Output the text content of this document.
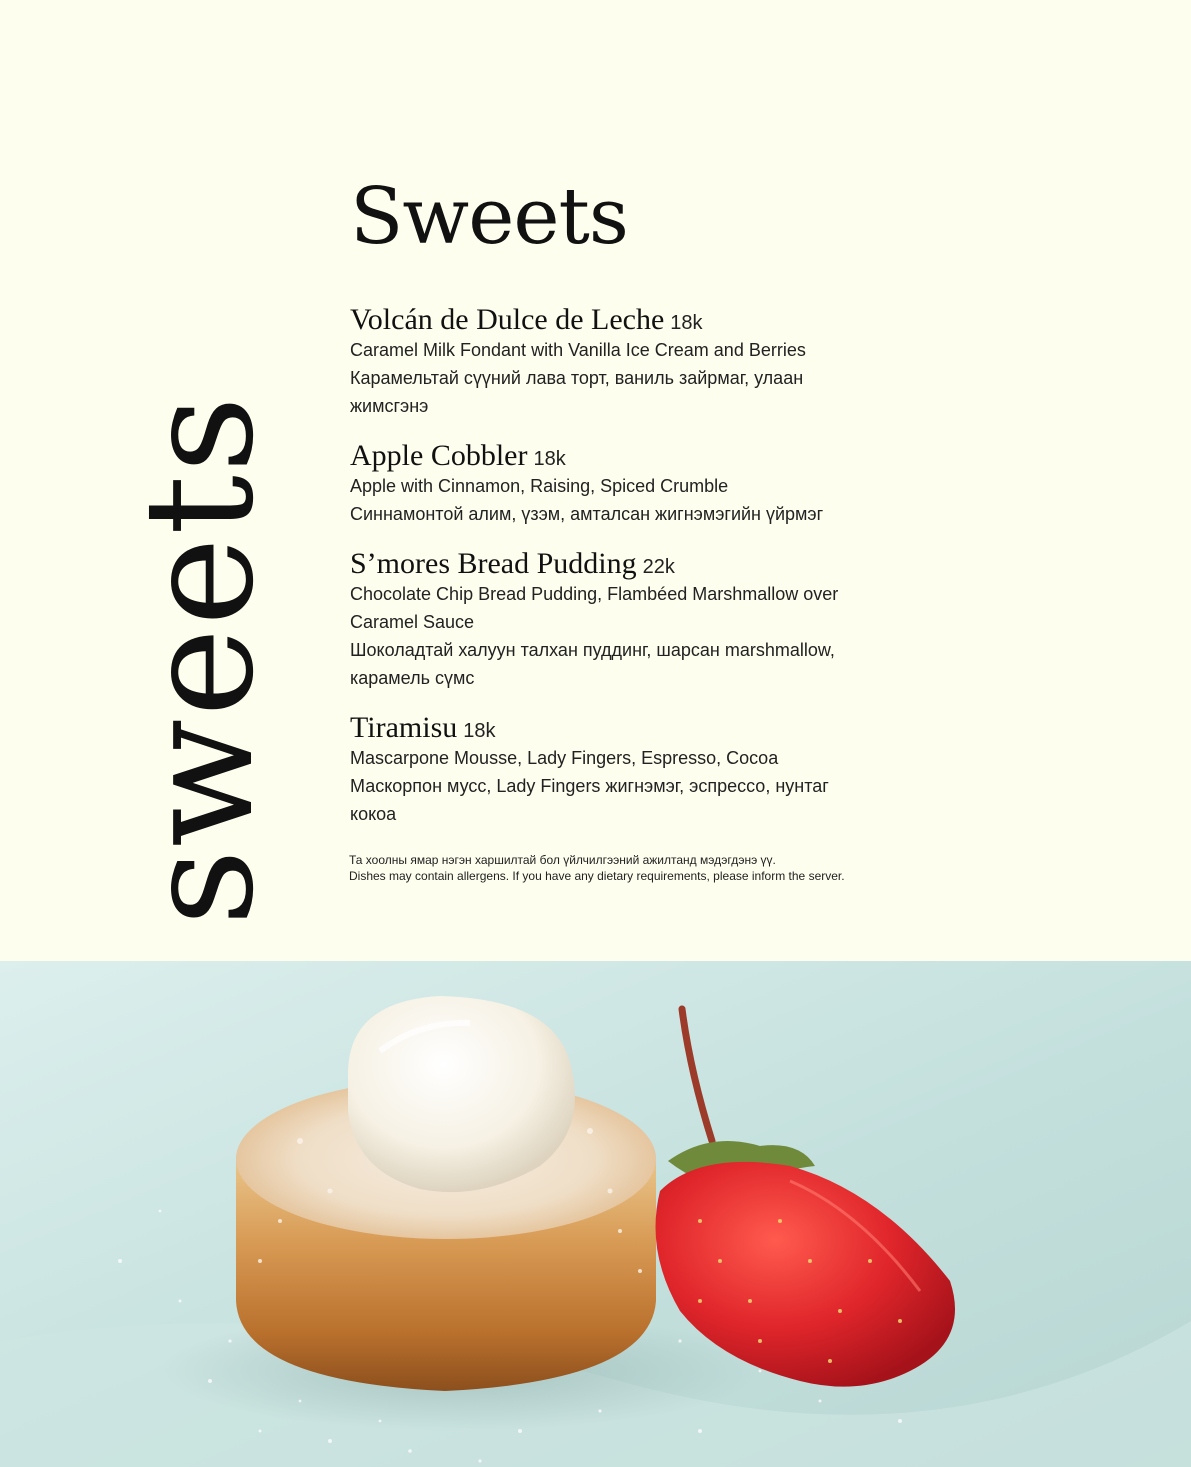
sweets
Sweets
Volcán de Dulce de Leche 18k
Caramel Milk Fondant with Vanilla Ice Cream and Berries
Карамельтай сүүний лава торт, ваниль зайрмаг, улаан
жимсгэнэ
Apple Cobbler 18k
Apple with Cinnamon, Raising, Spiced Crumble
Синнамонтой алим, үзэм, амталсан жигнэмэгийн үйрмэг
S’mores Bread Pudding 22k
Chocolate Chip Bread Pudding, Flambéed Marshmallow over
Caramel Sauce
Шоколадтай халуун талхан пуддинг, шарсан marshmallow,
карамель сүмс
Tiramisu 18k
Mascarpone Mousse, Lady Fingers, Espresso, Cocoa
Маскорпон мусс, Lady Fingers жигнэмэг, эспрессо, нунтаг
кокоа
Та хоолны ямар нэгэн харшилтай бол үйлчилгээний ажилтанд мэдэгдэнэ үү.
Dishes may contain allergens. If you have any dietary requirements, please inform the server.
